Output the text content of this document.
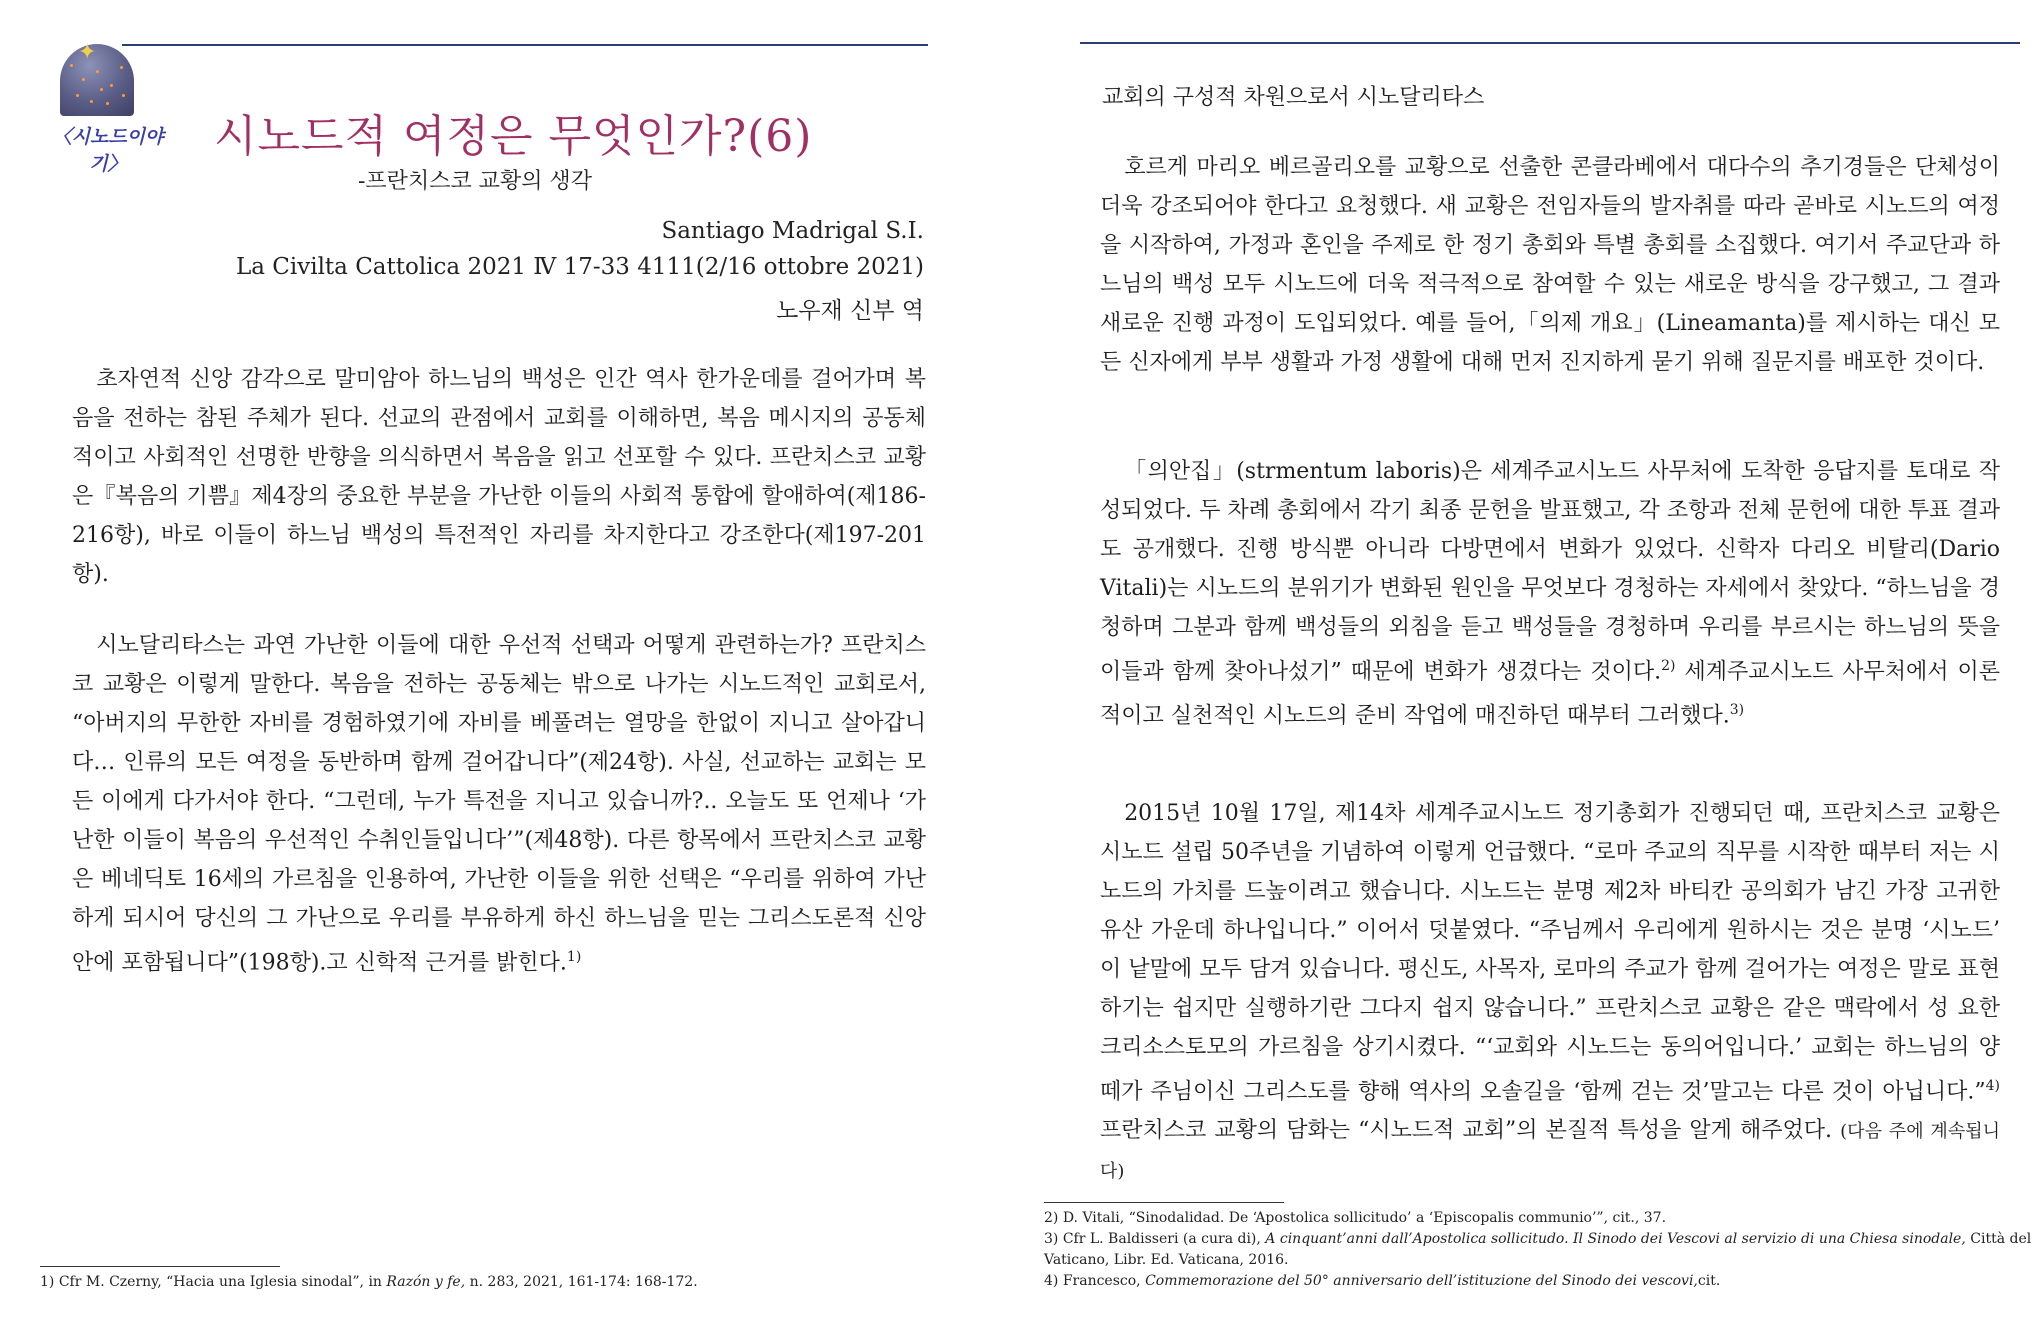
✦
〈시노드이야기〉
시노드적 여정은 무엇인가?(6)
-프란치스코 교황의 생각
Santiago Madrigal S.I.
La Civilta Cattolica 2021 Ⅳ 17-33 4111(2/16 ottobre 2021)
노우재 신부 역

초자연적 신앙 감각으로 말미암아 하느님의 백성은 인간 역사 한가운데를 걸어가며 복음을 전하는 참된 주체가 된다. 선교의 관점에서 교회를 이해하면, 복음 메시지의 공동체적이고 사회적인 선명한 반향을 의식하면서 복음을 읽고 선포할 수 있다. 프란치스코 교황은『복음의 기쁨』제4장의 중요한 부분을 가난한 이들의 사회적 통합에 할애하여(제186-216항), 바로 이들이 하느님 백성의 특전적인 자리를 차지한다고 강조한다(제197-201항).

시노달리타스는 과연 가난한 이들에 대한 우선적 선택과 어떻게 관련하는가? 프란치스코 교황은 이렇게 말한다. 복음을 전하는 공동체는 밖으로 나가는 시노드적인 교회로서, “아버지의 무한한 자비를 경험하였기에 자비를 베풀려는 열망을 한없이 지니고 살아갑니다… 인류의 모든 여정을 동반하며 함께 걸어갑니다”(제24항). 사실, 선교하는 교회는 모든 이에게 다가서야 한다. “그런데, 누가 특전을 지니고 있습니까?.. 오늘도 또 언제나 ‘가난한 이들이 복음의 우선적인 수취인들입니다’”(제48항). 다른 항목에서 프란치스코 교황은 베네딕토 16세의 가르침을 인용하여, 가난한 이들을 위한 선택은 “우리를 위하여 가난하게 되시어 당신의 그 가난으로 우리를 부유하게 하신 하느님을 믿는 그리스도론적 신앙 안에 포함됩니다”(198항).고 신학적 근거를 밝힌다.$^{1)}$

1) Cfr M. Czerny, “Hacia una Iglesia sinodal”, in Razón y fe, n. 283, 2021, 161-174: 168-172.
교회의 구성적 차원으로서 시노달리타스

호르게 마리오 베르골리오를 교황으로 선출한 콘클라베에서 대다수의 추기경들은 단체성이 더욱 강조되어야 한다고 요청했다. 새 교황은 전임자들의 발자취를 따라 곧바로 시노드의 여정을 시작하여, 가정과 혼인을 주제로 한 정기 총회와 특별 총회를 소집했다. 여기서 주교단과 하느님의 백성 모두 시노드에 더욱 적극적으로 참여할 수 있는 새로운 방식을 강구했고, 그 결과 새로운 진행 과정이 도입되었다. 예를 들어,「의제 개요」(Lineamanta)를 제시하는 대신 모든 신자에게 부부 생활과 가정 생활에 대해 먼저 진지하게 묻기 위해 질문지를 배포한 것이다.

「의안집」(strmentum laboris)은 세계주교시노드 사무처에 도착한 응답지를 토대로 작성되었다. 두 차례 총회에서 각기 최종 문헌을 발표했고, 각 조항과 전체 문헌에 대한 투표 결과도 공개했다. 진행 방식뿐 아니라 다방면에서 변화가 있었다. 신학자 다리오 비탈리(Dario Vitali)는 시노드의 분위기가 변화된 원인을 무엇보다 경청하는 자세에서 찾았다. “하느님을 경청하며 그분과 함께 백성들의 외침을 듣고 백성들을 경청하며 우리를 부르시는 하느님의 뜻을 이들과 함께 찾아나섰기” 때문에 변화가 생겼다는 것이다.$^{2)}$ 세계주교시노드 사무처에서 이론적이고 실천적인 시노드의 준비 작업에 매진하던 때부터 그러했다.$^{3)}$

2015년 10월 17일, 제14차 세계주교시노드 정기총회가 진행되던 때, 프란치스코 교황은 시노드 설립 50주년을 기념하여 이렇게 언급했다. “로마 주교의 직무를 시작한 때부터 저는 시노드의 가치를 드높이려고 했습니다. 시노드는 분명 제2차 바티칸 공의회가 남긴 가장 고귀한 유산 가운데 하나입니다.” 이어서 덧붙였다. “주님께서 우리에게 원하시는 것은 분명 ‘시노드’ 이 낱말에 모두 담겨 있습니다. 평신도, 사목자, 로마의 주교가 함께 걸어가는 여정은 말로 표현하기는 쉽지만 실행하기란 그다지 쉽지 않습니다.” 프란치스코 교황은 같은 맥락에서 성 요한 크리소스토모의 가르침을 상기시켰다. “‘교회와 시노드는 동의어입니다.’ 교회는 하느님의 양떼가 주님이신 그리스도를 향해 역사의 오솔길을 ‘함께 걷는 것’말고는 다른 것이 아닙니다.”$^{4)}$ 프란치스코 교황의 담화는 “시노드적 교회”의 본질적 특성을 알게 해주었다. (다음 주에 계속됩니다)

2) D. Vitali, “Sinodalidad. De ‘Apostolica sollicitudo’ a ‘Episcopalis communio’”, cit., 37.
3) Cfr L. Baldisseri (a cura di), A cinquant’anni dall’Apostolica sollicitudo. Il Sinodo dei Vescovi al servizio di una Chiesa sinodale, Città del Vaticano, Libr. Ed. Vaticana, 2016.
4) Francesco, Commemorazione del 50° anniversario dell’istituzione del Sinodo dei vescovi,cit.
